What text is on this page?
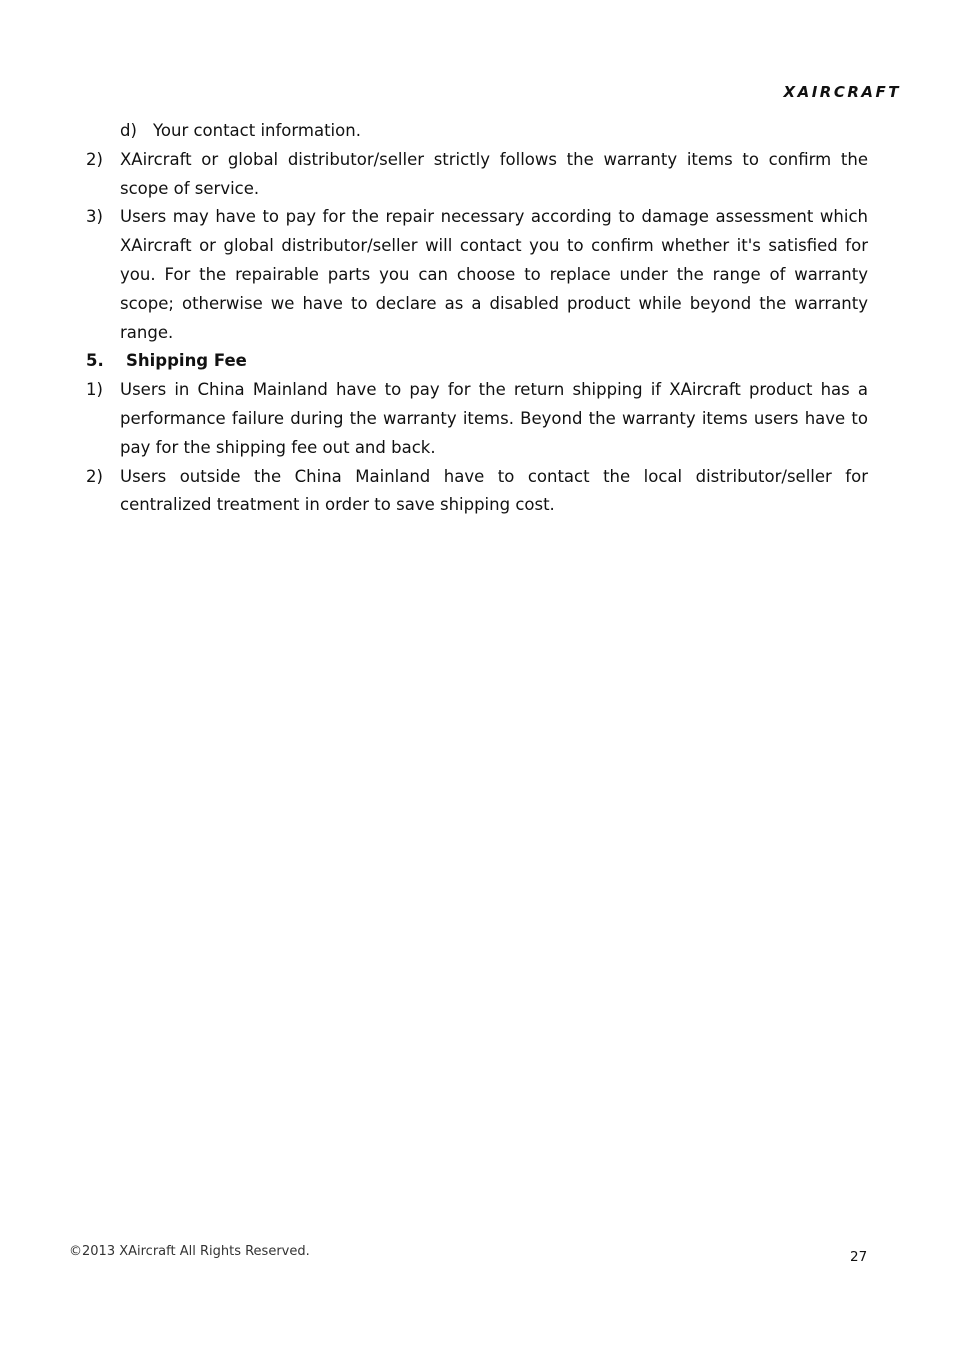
XAIRCRAFT
d) Your contact information.
2)	XAircraft or global distributor/seller strictly follows the warranty items to confirm the scope of service.
3)	Users may have to pay for the repair necessary according to damage assessment which XAircraft or global distributor/seller will contact you to confirm whether it's satisfied for you. For the repairable parts you can choose to replace under the range of warranty scope; otherwise we have to declare as a disabled product while beyond the warranty range.
5.	Shipping Fee
1)	Users in China Mainland have to pay for the return shipping if XAircraft product has a performance failure during the warranty items. Beyond the warranty items users have to pay for the shipping fee out and back.
2)	Users outside the China Mainland have to contact the local distributor/seller for centralized treatment in order to save shipping cost.
©2013 XAircraft All Rights Reserved.	27
